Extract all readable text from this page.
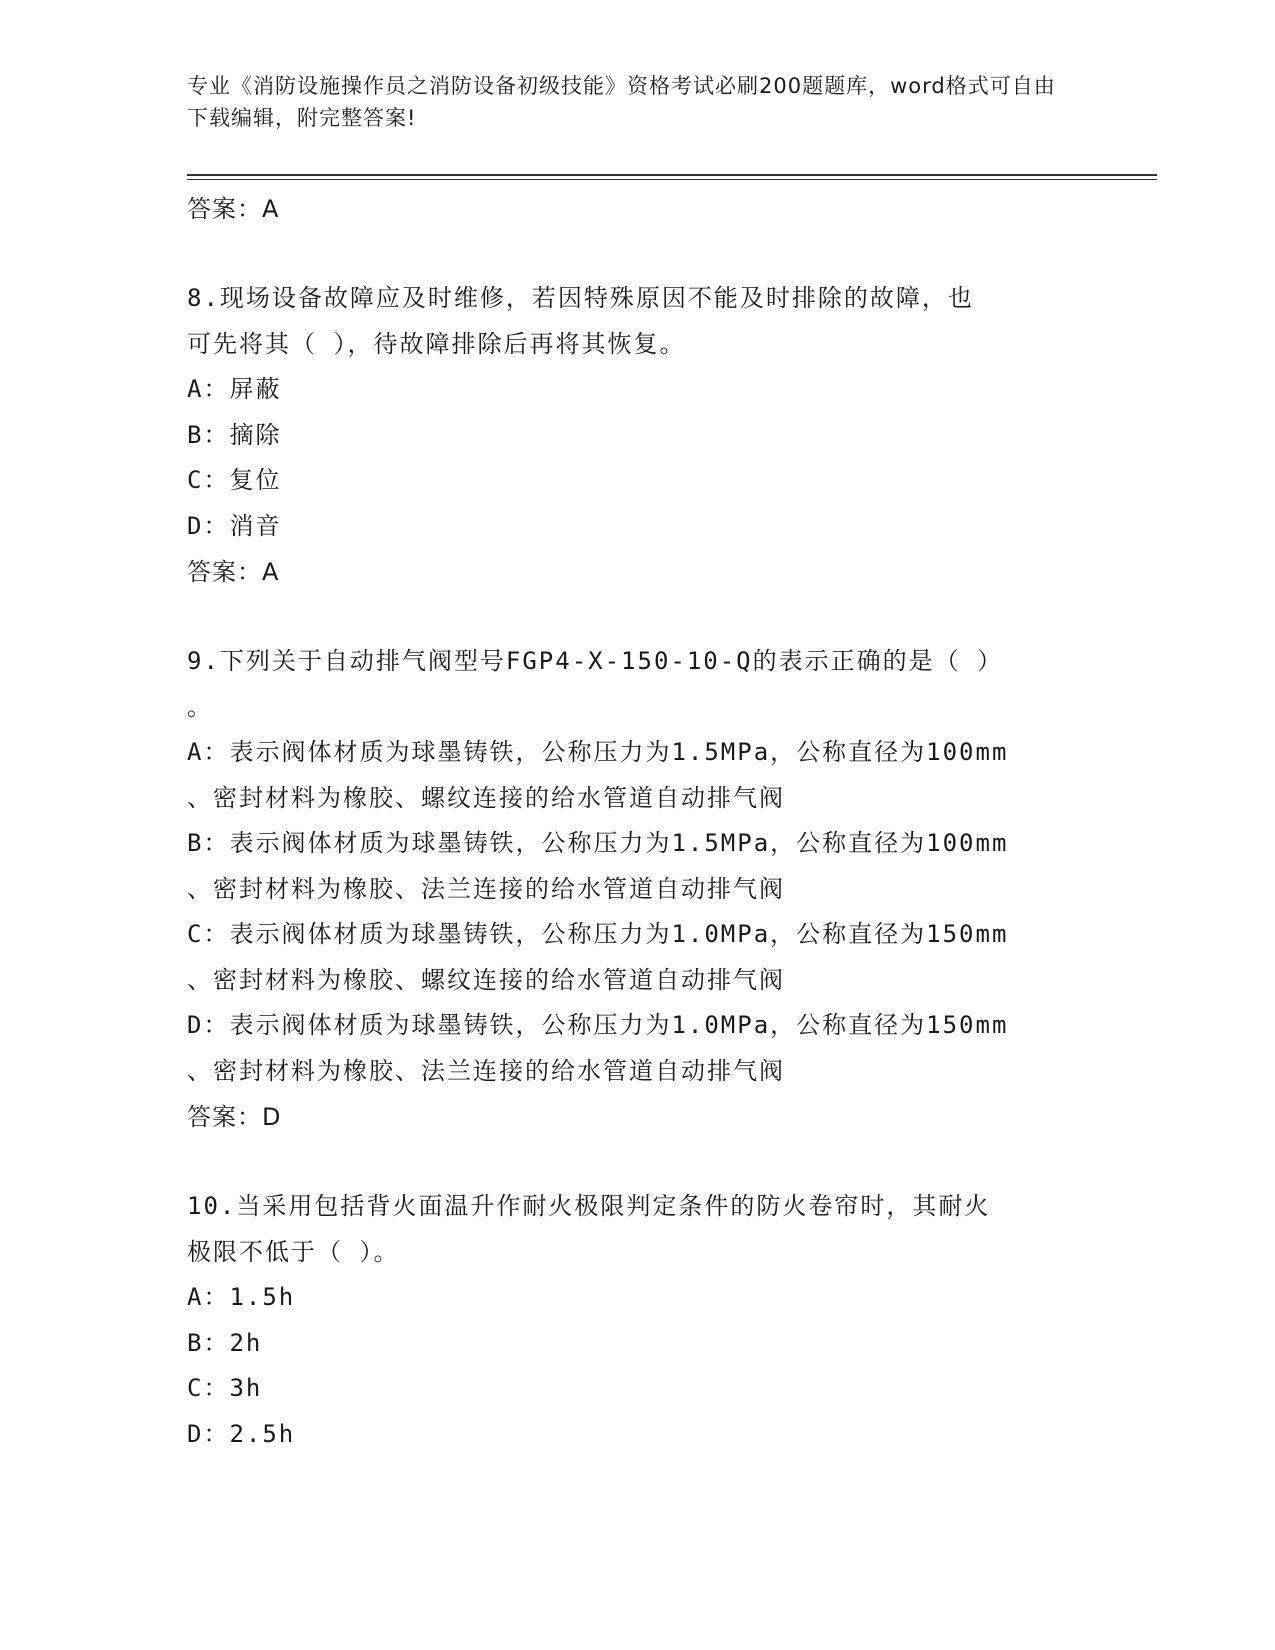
专业《消防设施操作员之消防设备初级技能》资格考试必刷200题题库，word格式可自由下载编辑，附完整答案!

答案：A

8.现场设备故障应及时维修，若因特殊原因不能及时排除的故障，也

可先将其（ ），待故障排除后再将其恢复。

A：屏蔽

B：摘除

C：复位

D：消音

答案：A

9.下列关于自动排气阀型号FGP4-X-150-10-Q的表示正确的是（ ）

。

A：表示阀体材质为球墨铸铁，公称压力为1.5MPa，公称直径为100mm

、密封材料为橡胶、螺纹连接的给水管道自动排气阀

B：表示阀体材质为球墨铸铁，公称压力为1.5MPa，公称直径为100mm

、密封材料为橡胶、法兰连接的给水管道自动排气阀

C：表示阀体材质为球墨铸铁，公称压力为1.0MPa，公称直径为150mm

、密封材料为橡胶、螺纹连接的给水管道自动排气阀

D：表示阀体材质为球墨铸铁，公称压力为1.0MPa，公称直径为150mm

、密封材料为橡胶、法兰连接的给水管道自动排气阀

答案：D

10.当采用包括背火面温升作耐火极限判定条件的防火卷帘时，其耐火

极限不低于（ ）。

A：1.5h

B：2h

C：3h

D：2.5h
